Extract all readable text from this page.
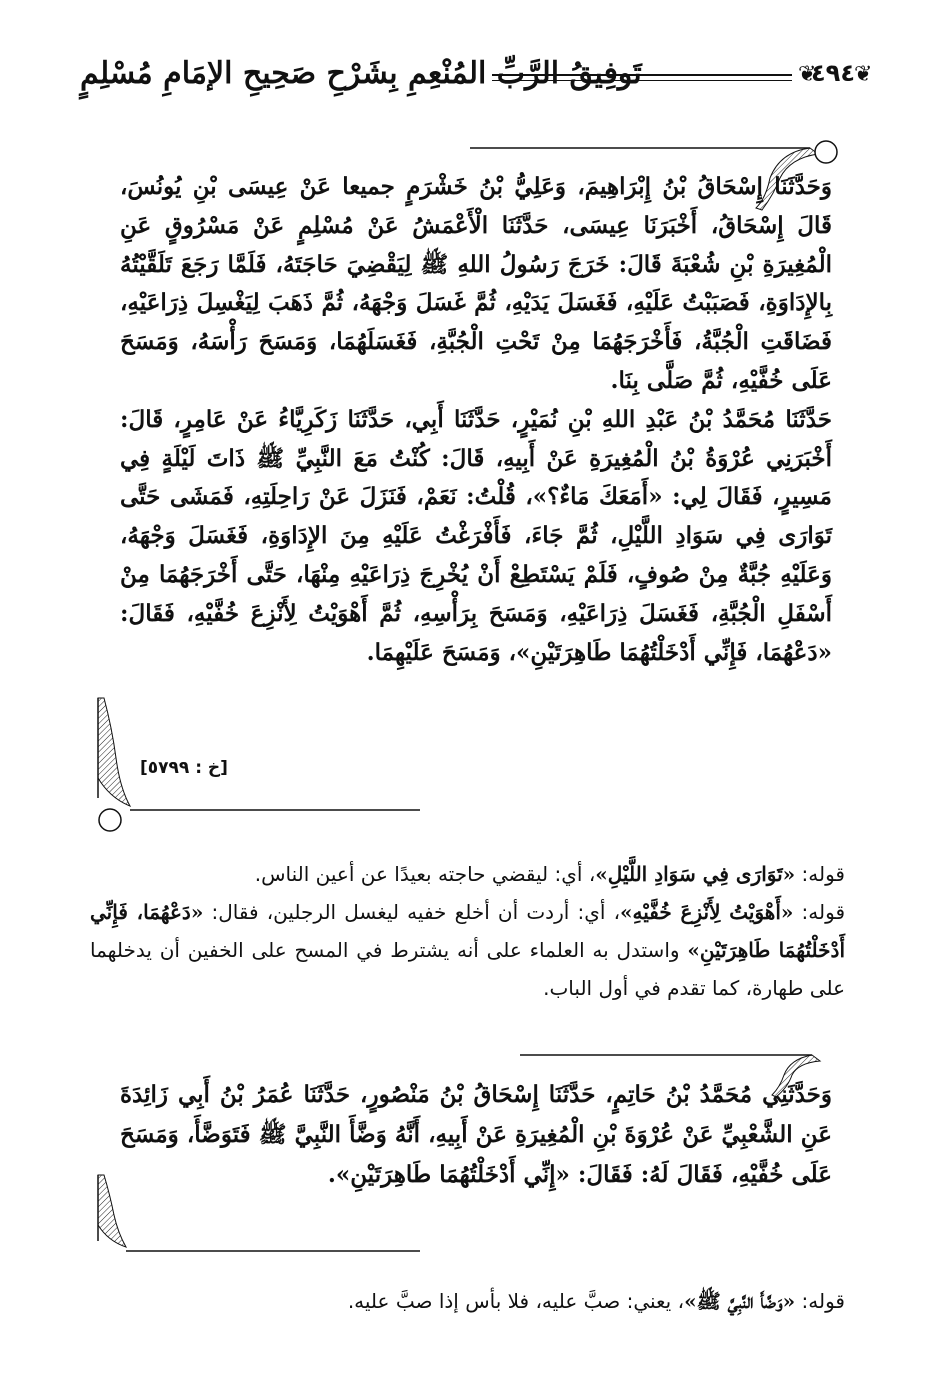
تَوفِيقُ الرَّبِّ المُنْعِمِ بِشَرْحِ صَحِيحِ الإمَامِ مُسْلِمٍ	❦
٤٩٤ ❦

وَحَدَّثَنَا إِسْحَاقُ بْنُ إِبْرَاهِيمَ، وَعَلِيُّ بْنُ خَشْرَمٍ جميعا عَنْ عِيسَى بْنِ يُونُسَ، قَالَ إِسْحَاقُ، أَخْبَرَنَا عِيسَى، حَدَّثَنَا الْأَعْمَشُ عَنْ مُسْلِمٍ عَنْ مَسْرُوقٍ عَنِ الْمُغِيرَةِ بْنِ شُعْبَةَ قَالَ: خَرَجَ رَسُولُ اللهِ ﷺ لِيَقْضِيَ حَاجَتَهُ، فَلَمَّا رَجَعَ تَلَقَّيْتُهُ بِالإِدَاوَةِ، فَصَبَبْتُ عَلَيْهِ، فَغَسَلَ يَدَيْهِ، ثُمَّ غَسَلَ وَجْهَهُ، ثُمَّ ذَهَبَ لِيَغْسِلَ ذِرَاعَيْهِ، فَضَاقَتِ الْجُبَّةُ، فَأَخْرَجَهُمَا مِنْ تَحْتِ الْجُبَّةِ، فَغَسَلَهُمَا، وَمَسَحَ رَأْسَهُ، وَمَسَحَ عَلَى خُفَّيْهِ، ثُمَّ صَلَّى بِنَا.

حَدَّثَنَا مُحَمَّدُ بْنُ عَبْدِ اللهِ بْنِ نُمَيْرٍ، حَدَّثَنَا أَبِي، حَدَّثَنَا زَكَرِيَّاءُ عَنْ عَامِرٍ، قَالَ: أَخْبَرَنِي عُرْوَةُ بْنُ الْمُغِيرَةِ عَنْ أَبِيهِ، قَالَ: كُنْتُ مَعَ النَّبِيِّ ﷺ ذَاتَ لَيْلَةٍ فِي مَسِيرٍ، فَقَالَ لِي: «أَمَعَكَ مَاءٌ؟»، قُلْتُ: نَعَمْ، فَنَزَلَ عَنْ رَاحِلَتِهِ، فَمَشَى حَتَّى تَوَارَى فِي سَوَادِ اللَّيْلِ، ثُمَّ جَاءَ، فَأَفْرَغْتُ عَلَيْهِ مِنَ الإِدَاوَةِ، فَغَسَلَ وَجْهَهُ، وَعَلَيْهِ جُبَّةٌ مِنْ صُوفٍ، فَلَمْ يَسْتَطِعْ أَنْ يُخْرِجَ ذِرَاعَيْهِ مِنْهَا، حَتَّى أَخْرَجَهُمَا مِنْ أَسْفَلِ الْجُبَّةِ، فَغَسَلَ ذِرَاعَيْهِ، وَمَسَحَ بِرَأْسِهِ، ثُمَّ أَهْوَيْتُ لِأَنْزِعَ خُفَّيْهِ، فَقَالَ: «دَعْهُمَا، فَإِنِّي أَدْخَلْتُهُمَا طَاهِرَتَيْنِ»، وَمَسَحَ عَلَيْهِمَا.

[خ : ٥٧٩٩]

قوله: «تَوَارَى فِي سَوَادِ اللَّيْلِ»، أي: ليقضي حاجته بعيدًا عن أعين الناس.

قوله: «أَهْوَيْتُ لِأَنْزِعَ خُفَّيْهِ»، أي: أردت أن أخلع خفيه ليغسل الرجلين، فقال: «دَعْهُمَا، فَإِنِّي أَدْخَلْتُهُمَا طَاهِرَتَيْنِ» واستدل به العلماء على أنه يشترط في المسح على الخفين أن يدخلهما على طهارة، كما تقدم في أول الباب.

وَحَدَّثَنِي مُحَمَّدُ بْنُ حَاتِمٍ، حَدَّثَنَا إِسْحَاقُ بْنُ مَنْصُورٍ، حَدَّثَنَا عُمَرُ بْنُ أَبِي زَائِدَةَ عَنِ الشَّعْبِيِّ عَنْ عُرْوَةَ بْنِ الْمُغِيرَةِ عَنْ أَبِيهِ، أَنَّهُ وَضَّأَ النَّبِيَّ ﷺ فَتَوَضَّأَ، وَمَسَحَ عَلَى خُفَّيْهِ، فَقَالَ لَهُ: فَقَالَ: «إِنِّي أَدْخَلْتُهُمَا طَاهِرَتَيْنِ».

قوله: «وَضَّأَ النَّبِيَّ ﷺ»، يعني: صبَّ عليه، فلا بأس إذا صبَّ عليه.
